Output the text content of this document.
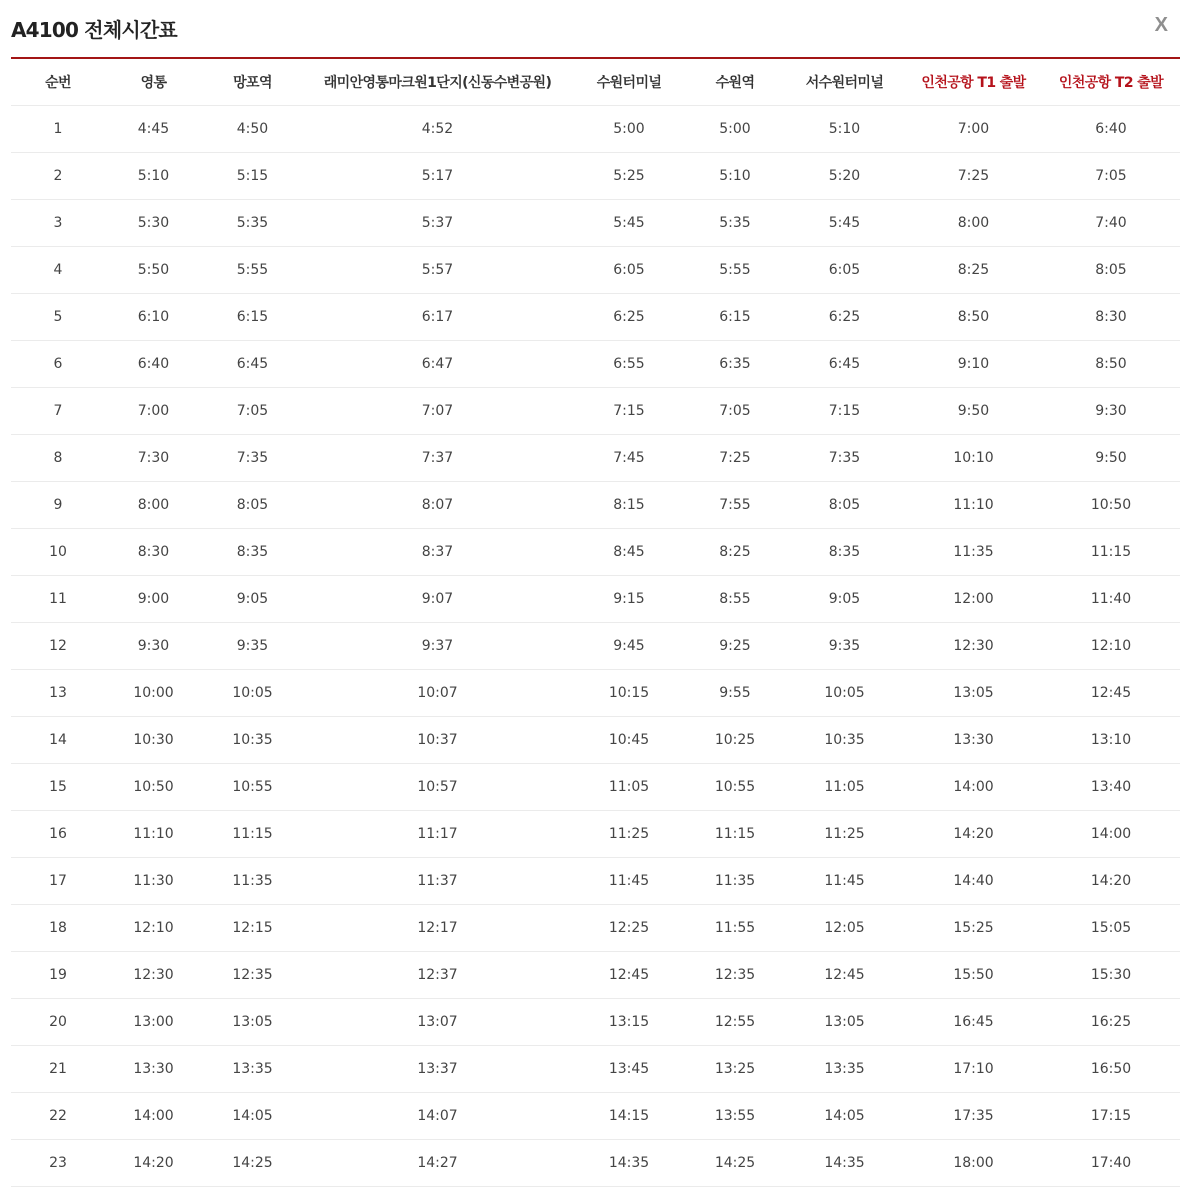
A4100 전체시간표	X
순번	영통	망포역	래미안영통마크원1단지(신동수변공원)	수원터미널	수원역	서수원터미널	인천공항 T1 출발	인천공항 T2 출발
1	4:45	4:50	4:52	5:00	5:00	5:10	7:00	6:40
2	5:10	5:15	5:17	5:25	5:10	5:20	7:25	7:05
3	5:30	5:35	5:37	5:45	5:35	5:45	8:00	7:40
4	5:50	5:55	5:57	6:05	5:55	6:05	8:25	8:05
5	6:10	6:15	6:17	6:25	6:15	6:25	8:50	8:30
6	6:40	6:45	6:47	6:55	6:35	6:45	9:10	8:50
7	7:00	7:05	7:07	7:15	7:05	7:15	9:50	9:30
8	7:30	7:35	7:37	7:45	7:25	7:35	10:10	9:50
9	8:00	8:05	8:07	8:15	7:55	8:05	11:10	10:50
10	8:30	8:35	8:37	8:45	8:25	8:35	11:35	11:15
11	9:00	9:05	9:07	9:15	8:55	9:05	12:00	11:40
12	9:30	9:35	9:37	9:45	9:25	9:35	12:30	12:10
13	10:00	10:05	10:07	10:15	9:55	10:05	13:05	12:45
14	10:30	10:35	10:37	10:45	10:25	10:35	13:30	13:10
15	10:50	10:55	10:57	11:05	10:55	11:05	14:00	13:40
16	11:10	11:15	11:17	11:25	11:15	11:25	14:20	14:00
17	11:30	11:35	11:37	11:45	11:35	11:45	14:40	14:20
18	12:10	12:15	12:17	12:25	11:55	12:05	15:25	15:05
19	12:30	12:35	12:37	12:45	12:35	12:45	15:50	15:30
20	13:00	13:05	13:07	13:15	12:55	13:05	16:45	16:25
21	13:30	13:35	13:37	13:45	13:25	13:35	17:10	16:50
22	14:00	14:05	14:07	14:15	13:55	14:05	17:35	17:15
23	14:20	14:25	14:27	14:35	14:25	14:35	18:00	17:40
